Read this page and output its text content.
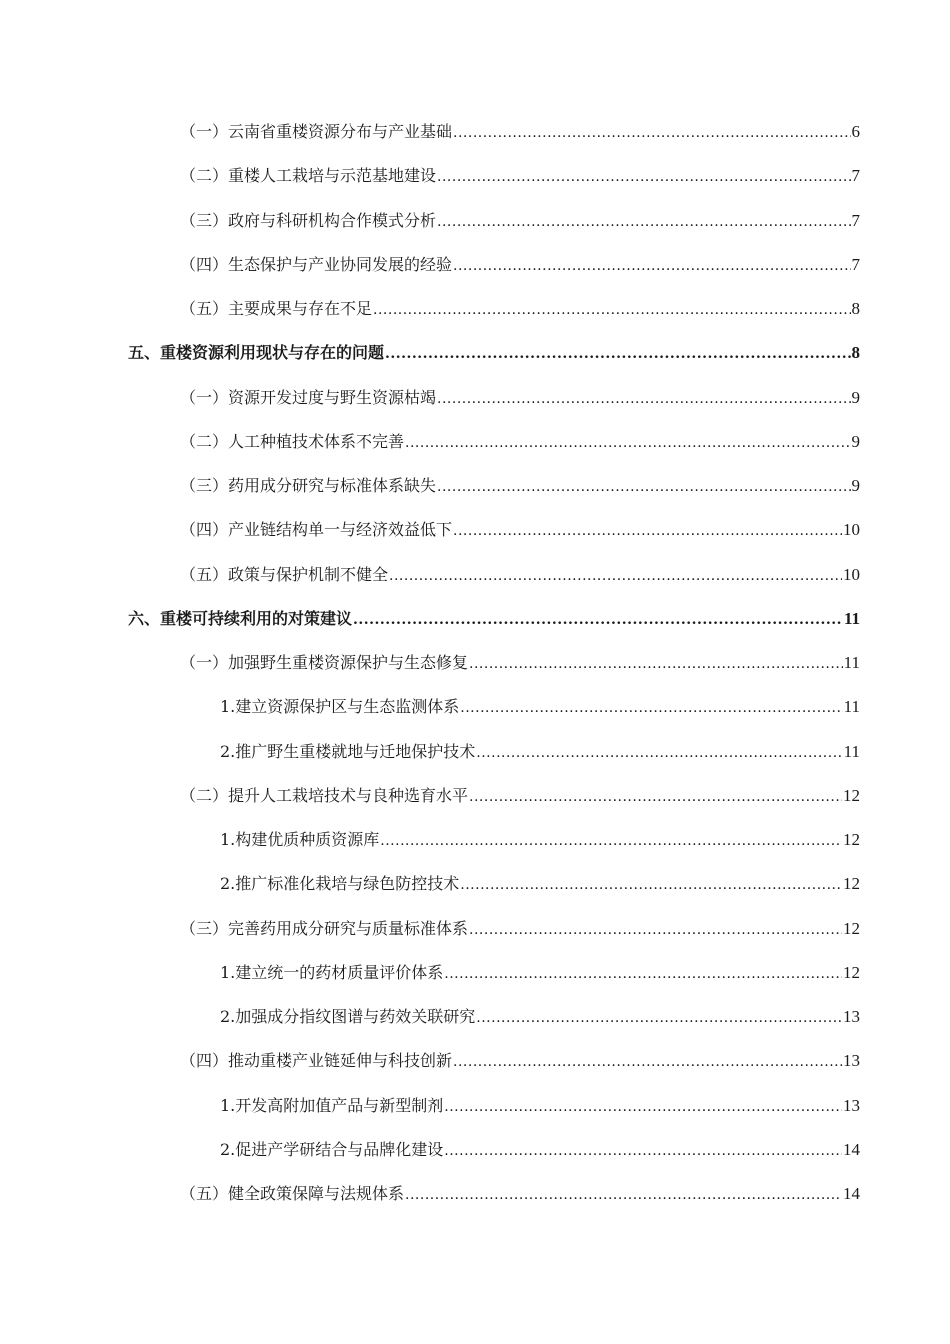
（一）云南省重楼资源分布与产业基础 .....	6
（二）重楼人工栽培与示范基地建设 .....	7
（三）政府与科研机构合作模式分析 .....	7
（四）生态保护与产业协同发展的经验 .....	7
（五）主要成果与存在不足 .....	8
五、重楼资源利用现状与存在的问题 .....	8
（一）资源开发过度与野生资源枯竭 .....	9
（二）人工种植技术体系不完善 .....	9
（三）药用成分研究与标准体系缺失 .....	9
（四）产业链结构单一与经济效益低下 .....	10
（五）政策与保护机制不健全 .....	10
六、重楼可持续利用的对策建议 .....	11
（一）加强野生重楼资源保护与生态修复 .....	11
1.建立资源保护区与生态监测体系 .....	11
2.推广野生重楼就地与迁地保护技术 .....	11
（二）提升人工栽培技术与良种选育水平 .....	12
1.构建优质种质资源库 .....	12
2.推广标准化栽培与绿色防控技术 .....	12
（三）完善药用成分研究与质量标准体系 .....	12
1.建立统一的药材质量评价体系 .....	12
2.加强成分指纹图谱与药效关联研究 .....	13
（四）推动重楼产业链延伸与科技创新 .....	13
1.开发高附加值产品与新型制剂 .....	13
2.促进产学研结合与品牌化建设 .....	14
（五）健全政策保障与法规体系 .....	14
